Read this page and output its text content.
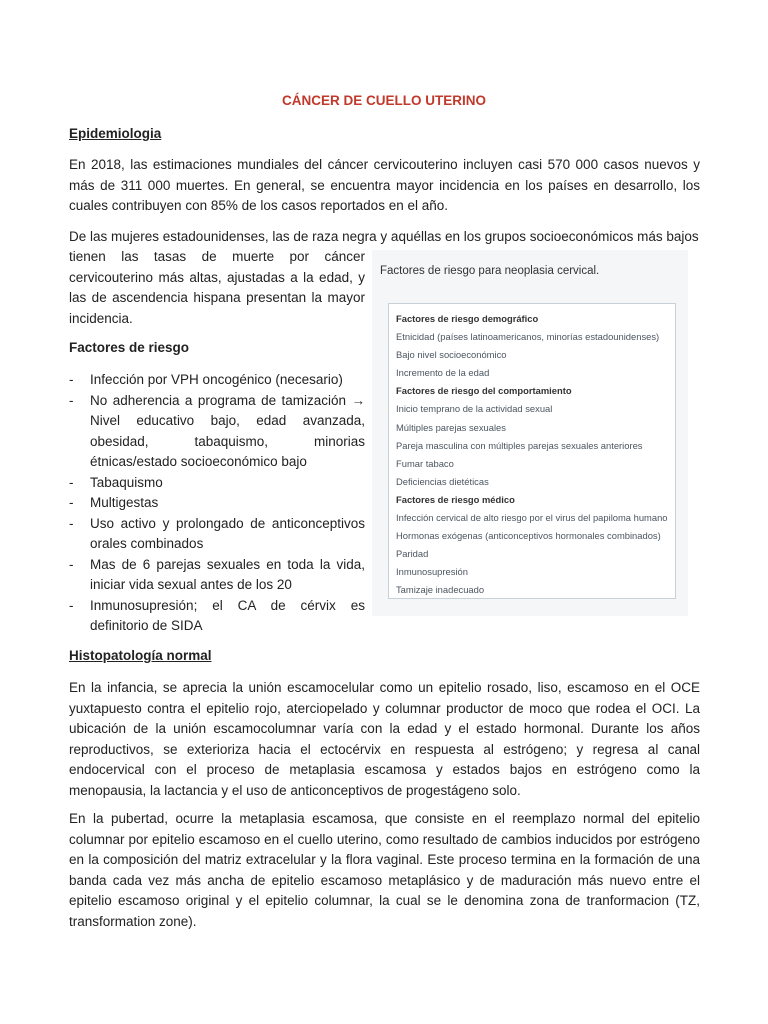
CÁNCER DE CUELLO UTERINO
Epidemiologia
En 2018, las estimaciones mundiales del cáncer cervicouterino incluyen casi 570 000 casos nuevos y más de 311 000 muertes. En general, se encuentra mayor incidencia en los países en desarrollo, los cuales contribuyen con 85% de los casos reportados en el año.
De las mujeres estadounidenses, las de raza negra y aquéllas en los grupos socioeconómicos más bajos
tienen las tasas de muerte por cáncer cervicouterino más altas, ajustadas a la edad, y las de ascendencia hispana presentan la mayor incidencia.
Factores de riesgo
- Infección por VPH oncogénico (necesario)
- No adherencia a programa de tamización → Nivel educativo bajo, edad avanzada, obesidad, tabaquismo, minorias étnicas/estado socioeconómico bajo
- Tabaquismo
- Multigestas
- Uso activo y prolongado de anticonceptivos orales combinados
- Mas de 6 parejas sexuales en toda la vida, iniciar vida sexual antes de los 20
- Inmunosupresión; el CA de cérvix es definitorio de SIDA
Factores de riesgo para neoplasia cervical.
Factores de riesgo demográfico
Etnicidad (países latinoamericanos, minorías estadounidenses)
Bajo nivel socioeconómico
Incremento de la edad
Factores de riesgo del comportamiento
Inicio temprano de la actividad sexual
Múltiples parejas sexuales
Pareja masculina con múltiples parejas sexuales anteriores
Fumar tabaco
Deficiencias dietéticas
Factores de riesgo médico
Infección cervical de alto riesgo por el virus del papiloma humano
Hormonas exógenas (anticonceptivos hormonales combinados)
Paridad
Inmunosupresión
Tamizaje inadecuado
Histopatología normal
En la infancia, se aprecia la unión escamocelular como un epitelio rosado, liso, escamoso en el OCE yuxtapuesto contra el epitelio rojo, aterciopelado y columnar productor de moco que rodea el OCI. La ubicación de la unión escamocolumnar varía con la edad y el estado hormonal. Durante los años reproductivos, se exterioriza hacia el ectocérvix en respuesta al estrógeno; y regresa al canal endocervical con el proceso de metaplasia escamosa y estados bajos en estrógeno como la menopausia, la lactancia y el uso de anticonceptivos de progestágeno solo.
En la pubertad, ocurre la metaplasia escamosa, que consiste en el reemplazo normal del epitelio columnar por epitelio escamoso en el cuello uterino, como resultado de cambios inducidos por estrógeno en la composición del matriz extracelular y la flora vaginal. Este proceso termina en la formación de una banda cada vez más ancha de epitelio escamoso metaplásico y de maduración más nuevo entre el epitelio escamoso original y el epitelio columnar, la cual se le denomina zona de tranformacion (TZ, transformation zone).
